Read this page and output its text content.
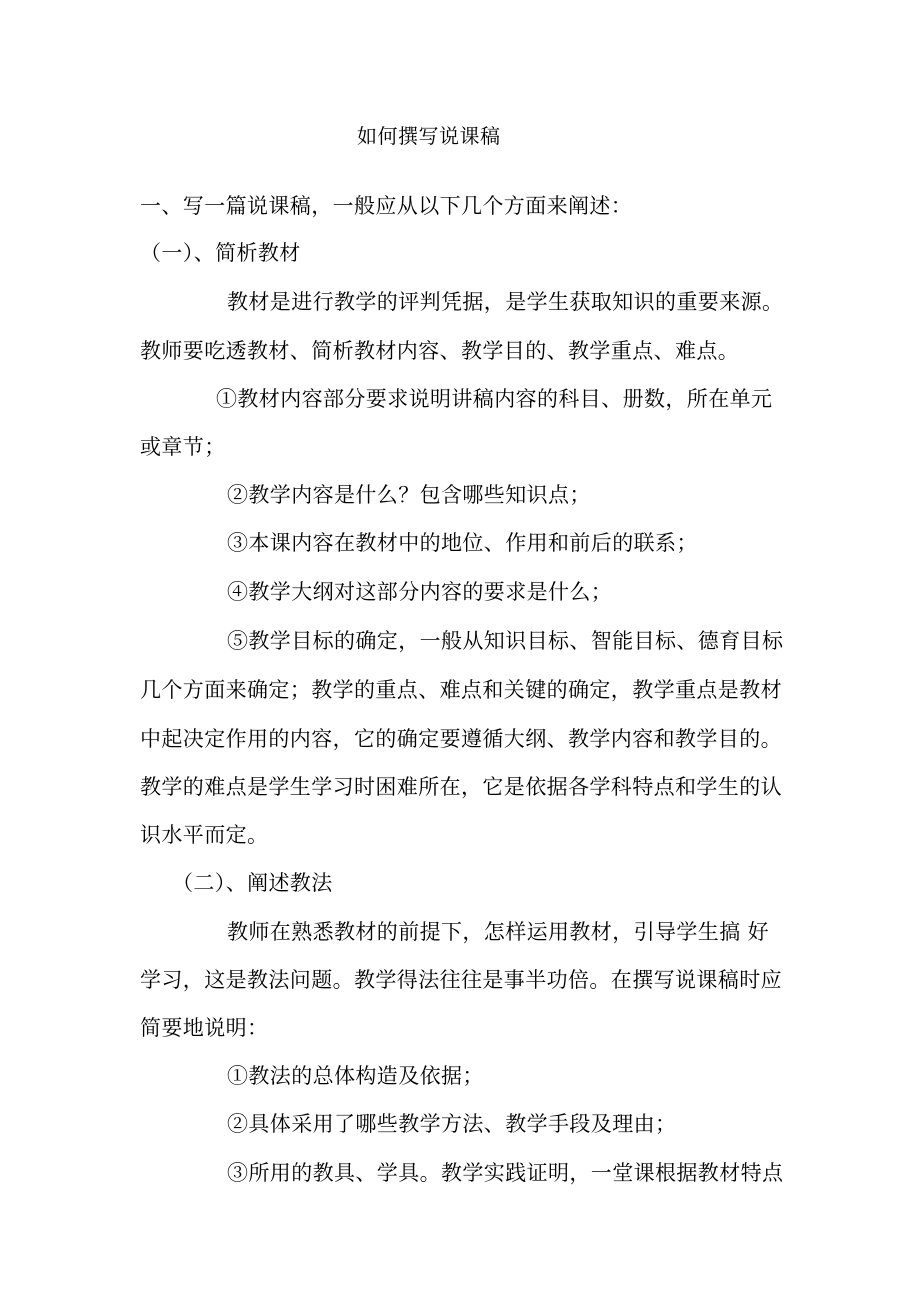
如何撰写说课稿
一、写一篇说课稿，一般应从以下几个方面来阐述：
（一）、简析教材
教材是进行教学的评判凭据，是学生获取知识的重要来源。
教师要吃透教材、简析教材内容、教学目的、教学重点、难点。
①教材内容部分要求说明讲稿内容的科目、册数，所在单元
或章节；
②教学内容是什么？包含哪些知识点；
③本课内容在教材中的地位、作用和前后的联系；
④教学大纲对这部分内容的要求是什么；
⑤教学目标的确定，一般从知识目标、智能目标、德育目标
几个方面来确定；教学的重点、难点和关键的确定，教学重点是教材
中起决定作用的内容，它的确定要遵循大纲、教学内容和教学目的。
教学的难点是学生学习时困难所在，它是依据各学科特点和学生的认
识水平而定。
（二）、阐述教法
教师在熟悉教材的前提下，怎样运用教材，引导学生搞 好
学习，这是教法问题。教学得法往往是事半功倍。在撰写说课稿时应
简要地说明：
①教法的总体构造及依据；
②具体采用了哪些教学方法、教学手段及理由；
③所用的教具、学具。教学实践证明，一堂课根据教材特点
